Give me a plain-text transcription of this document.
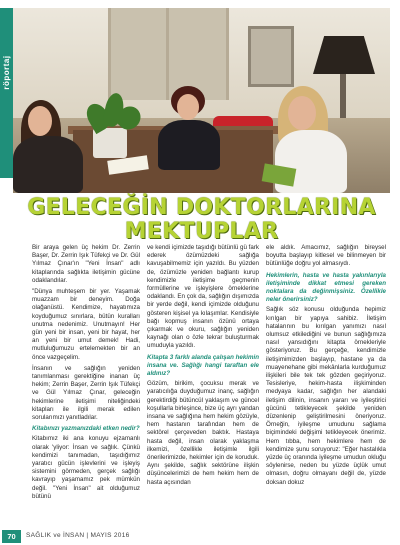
röportaj
GELECEĞİN DOKTORLARINA
MEKTUPLAR

Bir araya gelen üç hekim Dr. Zerrin Başer, Dr. Zerrin Işık Tüfekçi ve Dr. Gül Yılmaz Çınar'ın "Yeni İnsan" adlı kitaplarında sağlıkta iletişimin gücüne odaklandılar.

"Dünya muhteşem bir yer. Yaşamak muazzam bir deneyim. Doğa olağanüstü. Kendimize, hayatımıza koyduğumuz sınırlara, bütün kuralları unutma nedenimiz. Unutmayın! Her gün yeni bir insan, yeni bir hayat, her an yeni bir umut demek! Hadi, mutluluğumuzu ertelemekten bir an önce vazgeçelim.

İnsanın ve sağlığın yeniden tanımlanması gerektiğine inanan üç hekim; Zerrin Başer, Zerrin Işık Tüfekçi ve Gül Yılmaz Çınar, geleceğin hekimlerine iletişimi niteliğindeki kitapları ile ilgili merak edilen sorularımızı yanıtladılar.

Kitabınızı yazmanızdaki etken nedir?

Kitabımız iki ana konuyu ejzamanlı olarak 'yliyor: İnsan ve sağlık. Çünkü kendimizi tanımadan, taşıdığımız yaratıcı gücün işlevlerini ve işleyiş sistemini görmeden, gerçek sağlığı kavrayıp yaşamamız pek mümkün değil. "Yeni İnsan" ait olduğumuz bütünü

ve kendi içimizde taşıdığı bütünlü gü fark ederek özümüzdeki sağlığa kavuşabilmemiz için yazıldı. Bu yüzden de, özümüzle yeniden bağlantı kurup kendimizle iletişime geçmenin formüllerine ve işleyişlere örneklerine odaklandı. En çok da, sağlığın dışımızda bir yerde değil, kendi içimizde olduğunu gösteren kişisel ya kılaşımlar. Kendisiyle bağı kopmuş insanın özünü ortaya çıkarmak ve okuru, sağlığın yeniden kaynağı olan o özle tekrar buluşturmak umuduyla yazıldı.

Kitapta 3 farklı alanda çalışan hekimin insana ve. Sağlığı hangi taraftan ele aldınız?

Gözüm, birikim, çocuksu merak ve yaratıcılığa duyduğumuz inanç, sağlığın gerektirdiği bütüncül yaklaşım ve güncel koşullarla birleşince, bize üç ayrı yandan insana ve sağlığına hem hekim gözüyle, hem hastanın tarafından hem de sektörel çerçeveden baktık. Hastaya hasta değil, insan olarak yaklaşma ilkemizi, özellikle iletişimle ilgili önerilerimizde, hekimler için de koruduk. Aynı şekilde, sağlık sektörüne ilişkin düşüncelerimizi de hem hekim hem de hasta açısından

ele aldık. Amacımız, sağlığın bireysel boyutta başlayıp kitlesel ve bilinmeyen bir bütünlüğe doğru yol almasıydı.

Hekimlerin, hasta ve hasta yakınlarıyla iletişiminde dikkat etmesi gereken noktalara da değinmişsiniz. Özellikle neler önerirsiniz?

Sağlık söz konusu olduğunda hepimiz kırılgan bir yapıya sahibiz. İletişim hatalarının bu kırılgan yanımızı nasıl olumsuz etkilediğini ve bunun sağlığımıza nasıl yansıdığını kitapta örnekleriyle gösteriyoruz. Bu gerçeğe, kendimizle iletişimimizden başlayıp, hastane ya da muayenehane gibi mekânlarla kurduğumuz ilişkileri bile tek tek gözden geçiriyoruz. Tesisleriye, hekim-hasta ilişkiminden medyaya kadar, sağlığın her alandaki iletişim dilinin, insanın yararı ve iyileştirici gücünü tetikleyecek şekilde yeniden düzenlenip geliştirilmesini öneriyoruz. Örneğin, iyileşme umudunu sağlama biçimindeki değişimi tetikleyecek önerimiz. Hem tıbba, hem hekimlere hem de kendimize şunu soruyoruz: "Eğer hastalıkla yüzde üç oranında iyileşme umudun okluğu söylenirse, neden bu yüzde üçlük umut olmasın, doğru olmayanı değil de, yüzde doksan dokuz

70	SAĞLIK ve İNSAN | MAYIS 2016
